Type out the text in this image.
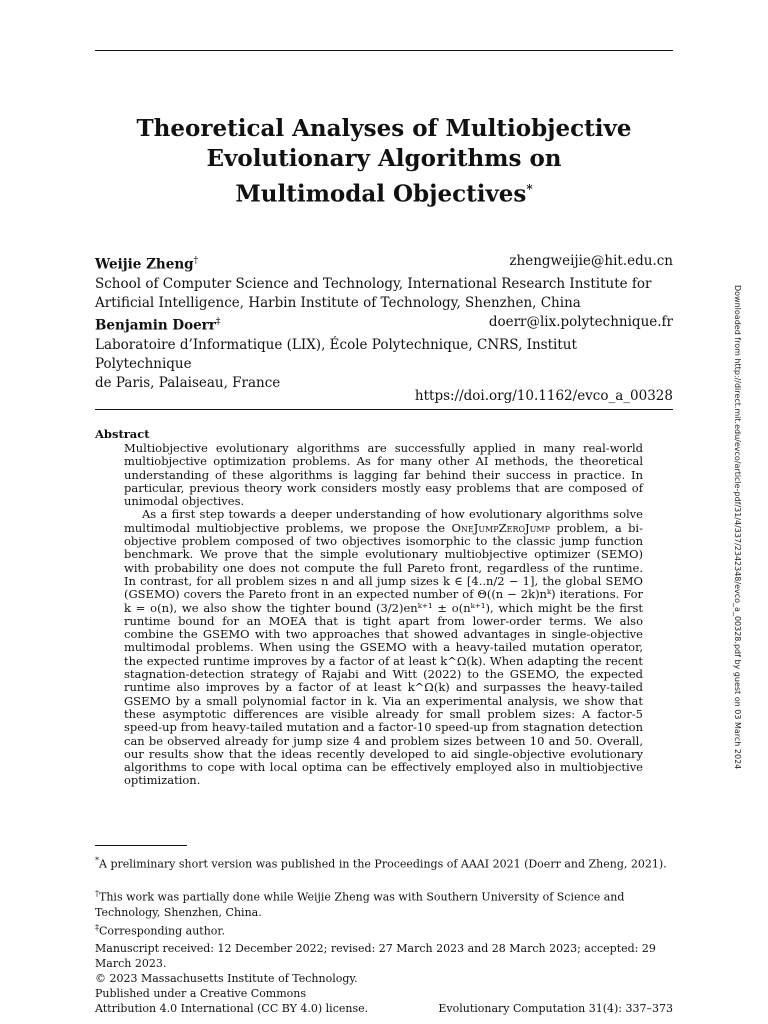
Theoretical Analyses of Multiobjective
Evolutionary Algorithms on
Multimodal Objectives*
Weijie Zheng†	zhengweijie@hit.edu.cn
School of Computer Science and Technology, International Research Institute for
Artificial Intelligence, Harbin Institute of Technology, Shenzhen, China
Benjamin Doerr‡	doerr@lix.polytechnique.fr
Laboratoire d’Informatique (LIX), École Polytechnique, CNRS, Institut Polytechnique
de Paris, Palaiseau, France
https://doi.org/10.1162/evco_a_00328
Abstract

Multiobjective evolutionary algorithms are successfully applied in many real-world multiobjective optimization problems. As for many other AI methods, the theoretical understanding of these algorithms is lagging far behind their success in practice. In particular, previous theory work considers mostly easy problems that are composed of unimodal objectives.

As a first step towards a deeper understanding of how evolutionary algorithms solve multimodal multiobjective problems, we propose the OneJumpZeroJump problem, a bi-objective problem composed of two objectives isomorphic to the classic jump function benchmark. We prove that the simple evolutionary multiobjective optimizer (SEMO) with probability one does not compute the full Pareto front, regardless of the runtime. In contrast, for all problem sizes n and all jump sizes k ∈ [4..n/2 − 1], the global SEMO (GSEMO) covers the Pareto front in an expected number of Θ((n − 2k)nᵏ) iterations. For k = o(n), we also show the tighter bound (3/2)enᵏ⁺¹ ± o(nᵏ⁺¹), which might be the first runtime bound for an MOEA that is tight apart from lower-order terms. We also combine the GSEMO with two approaches that showed advantages in single-objective multimodal problems. When using the GSEMO with a heavy-tailed mutation operator, the expected runtime improves by a factor of at least k^Ω(k). When adapting the recent stagnation-detection strategy of Rajabi and Witt (2022) to the GSEMO, the expected runtime also improves by a factor of at least k^Ω(k) and surpasses the heavy-tailed GSEMO by a small polynomial factor in k. Via an experimental analysis, we show that these asymptotic differences are visible already for small problem sizes: A factor-5 speed-up from heavy-tailed mutation and a factor-10 speed-up from stagnation detection can be observed already for jump size 4 and problem sizes between 10 and 50. Overall, our results show that the ideas recently developed to aid single-objective evolutionary algorithms to cope with local optima can be effectively employed also in multiobjective optimization.

*A preliminary short version was published in the Proceedings of AAAI 2021 (Doerr and Zheng, 2021).
†This work was partially done while Weijie Zheng was with Southern University of Science and Technology, Shenzhen, China.
‡Corresponding author.
Manuscript received: 12 December 2022; revised: 27 March 2023 and 28 March 2023; accepted: 29 March 2023.
© 2023 Massachusetts Institute of Technology.
Published under a Creative Commons
Attribution 4.0 International (CC BY 4.0) license.	Evolutionary Computation 31(4): 337–373
Downloaded from http://direct.mit.edu/evco/article-pdf/31/4/337/2342348/evco_a_00328.pdf by guest on 03 March 2024
